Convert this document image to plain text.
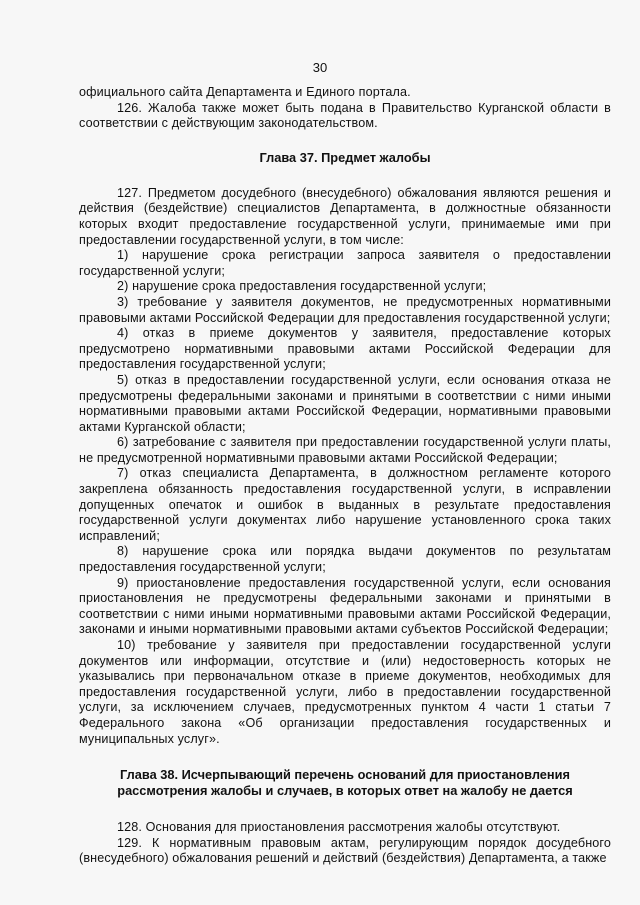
30

официального сайта Департамента и Единого портала.

126. Жалоба также может быть подана в Правительство Курганской области в соответствии с действующим законодательством.

Глава 37. Предмет жалобы

127. Предметом досудебного (внесудебного) обжалования являются решения и действия (бездействие) специалистов Департамента, в должностные обязанности которых входит предоставление государственной услуги, принимаемые ими при предоставлении государственной услуги, в том числе:

1) нарушение срока регистрации запроса заявителя о предоставлении государственной услуги;

2) нарушение срока предоставления государственной услуги;

3) требование у заявителя документов, не предусмотренных нормативными правовыми актами Российской Федерации для предоставления государственной услуги;

4) отказ в приеме документов у заявителя, предоставление которых предусмотрено нормативными правовыми актами Российской Федерации для предоставления государственной услуги;

5) отказ в предоставлении государственной услуги, если основания отказа не предусмотрены федеральными законами и принятыми в соответствии с ними иными нормативными правовыми актами Российской Федерации, нормативными правовыми актами Курганской области;

6) затребование с заявителя при предоставлении государственной услуги платы, не предусмотренной нормативными правовыми актами Российской Федерации;

7) отказ специалиста Департамента, в должностном регламенте которого закреплена обязанность предоставления государственной услуги, в исправлении допущенных опечаток и ошибок в выданных в результате предоставления государственной услуги документах либо нарушение установленного срока таких исправлений;

8) нарушение срока или порядка выдачи документов по результатам предоставления государственной услуги;

9) приостановление предоставления государственной услуги, если основания приостановления не предусмотрены федеральными законами и принятыми в соответствии с ними иными нормативными правовыми актами Российской Федерации, законами и иными нормативными правовыми актами субъектов Российской Федерации;

10) требование у заявителя при предоставлении государственной услуги документов или информации, отсутствие и (или) недостоверность которых не указывались при первоначальном отказе в приеме документов, необходимых для предоставления государственной услуги, либо в предоставлении государственной услуги, за исключением случаев, предусмотренных пунктом 4 части 1 статьи 7 Федерального закона «Об организации предоставления государственных и муниципальных услуг».

Глава 38. Исчерпывающий перечень оснований для приостановления
рассмотрения жалобы и случаев, в которых ответ на жалобу не дается

128. Основания для приостановления рассмотрения жалобы отсутствуют.

129. К нормативным правовым актам, регулирующим порядок досудебного (внесудебного) обжалования решений и действий (бездействия) Департамента, а также
